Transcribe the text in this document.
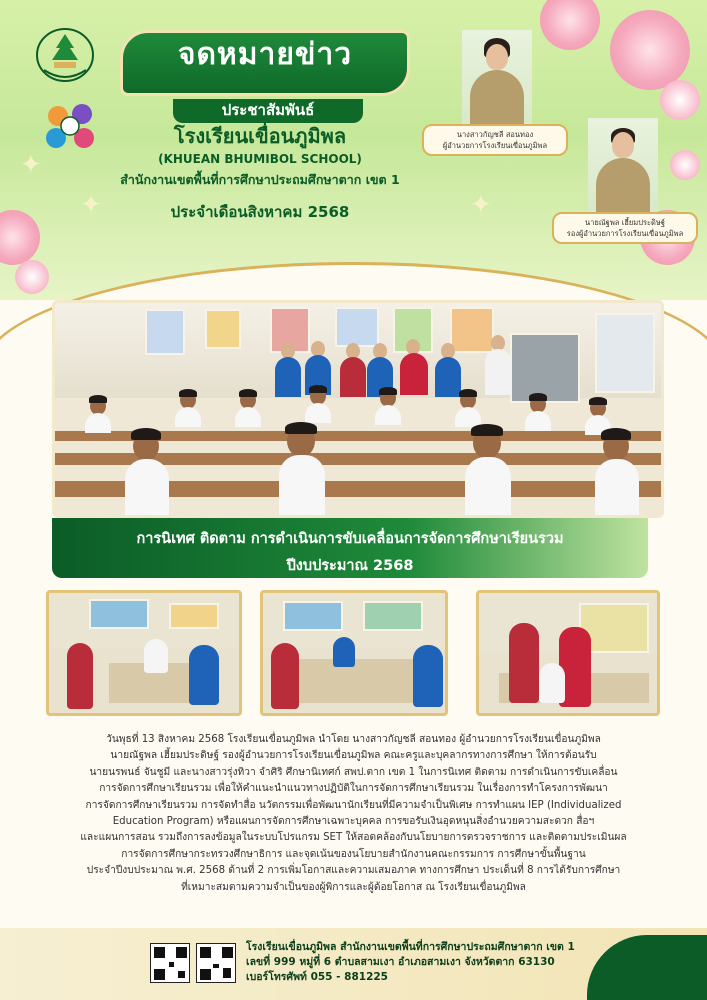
จดหมายข่าว
ประชาสัมพันธ์
โรงเรียนเขื่อนภูมิพล
(KHUEAN BHUMIBOL SCHOOL)
สำนักงานเขตพื้นที่การศึกษาประถมศึกษาตาก เขต 1
ประจำเดือนสิงหาคม 2568
✦	✦
✦
นางสาวกัญชลี สอนทอง
ผู้อำนวยการโรงเรียนเขื่อนภูมิพล
นายณัฐพล เฮี้ยมประดิษฐ์
รองผู้อำนวยการโรงเรียนเขื่อนภูมิพล
การนิเทศ ติดตาม การดำเนินการขับเคลื่อนการจัดการศึกษาเรียนรวม
ปีงบประมาณ 2568
วันพุธที่ 13 สิงหาคม 2568 โรงเรียนเขื่อนภูมิพล นำโดย นางสาวกัญชลี สอนทอง ผู้อำนวยการโรงเรียนเขื่อนภูมิพล
นายณัฐพล เฮี้ยมประดิษฐ์ รองผู้อำนวยการโรงเรียนเขื่อนภูมิพล คณะครูและบุคลากรทางการศึกษา ให้การต้อนรับ
นายนรพนธ์ จันชูมี และนางสาวรุ่งทิวา จำศิริ ศึกษานิเทศก์ สพป.ตาก เขต 1 ในการนิเทศ ติดตาม การดำเนินการขับเคลื่อน
การจัดการศึกษาเรียนรวม เพื่อให้คำแนะนำแนวทางปฏิบัติในการจัดการศึกษาเรียนรวม ในเรื่องการทำโครงการพัฒนา
การจัดการศึกษาเรียนรวม การจัดทำสื่อ นวัตกรรมเพื่อพัฒนานักเรียนที่มีความจำเป็นพิเศษ การทำแผน IEP (Individualized
Education Program) หรือแผนการจัดการศึกษาเฉพาะบุคคล การขอรับเงินอุดหนุนสิ่งอำนวยความสะดวก สื่อฯ
และแผนการสอน รวมถึงการลงข้อมูลในระบบโปรแกรม SET ให้สอดคล้องกับนโยบายการตรวจราชการ และติดตามประเมินผล
การจัดการศึกษากระทรวงศึกษาธิการ และจุดเน้นของนโยบายสำนักงานคณะกรรมการ การศึกษาขั้นพื้นฐาน
ประจำปีงบประมาณ พ.ศ. 2568 ด้านที่ 2 การเพิ่มโอกาสและความเสมอภาค ทางการศึกษา ประเด็นที่ 8 การได้รับการศึกษา
ที่เหมาะสมตามความจำเป็นของผู้พิการและผู้ด้อยโอกาส ณ โรงเรียนเขื่อนภูมิพล
โรงเรียนเขื่อนภูมิพล สำนักงานเขตพื้นที่การศึกษาประถมศึกษาตาก เขต 1
เลขที่ 999 หมู่ที่ 6 ตำบลสามเงา อำเภอสามเงา จังหวัดตาก 63130
เบอร์โทรศัพท์ 055 - 881225
